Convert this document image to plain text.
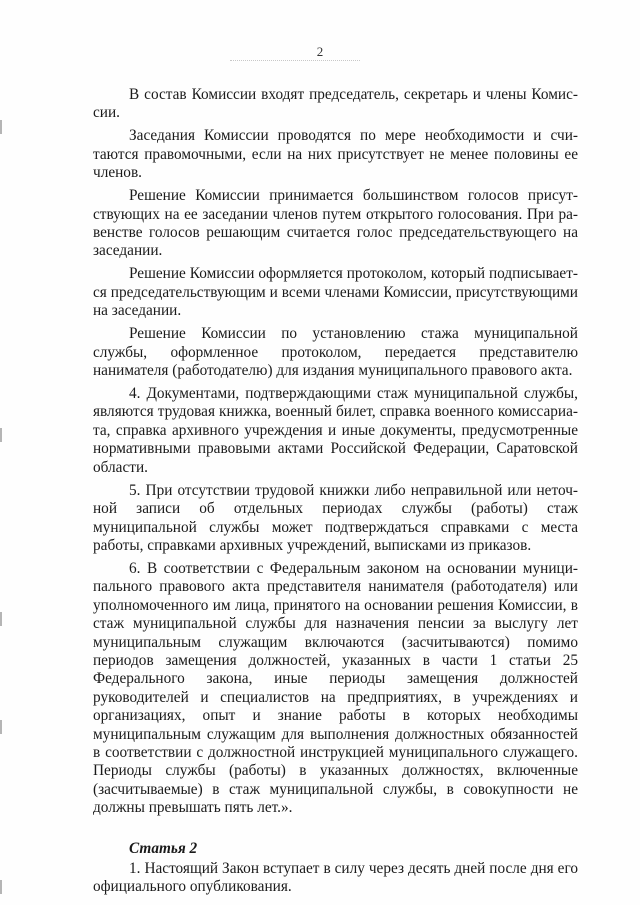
2

В состав Комиссии входят председатель, секретарь и члены Комиссии.

Заседания Комиссии проводятся по мере необходимости и считаются правомочными, если на них присутствует не менее половины ее членов.

Решение Комиссии принимается большинством голосов присутствующих на ее заседании членов путем открытого голосования. При равенстве голосов решающим считается голос председательствующего на заседании.

Решение Комиссии оформляется протоколом, который подписывается председательствующим и всеми членами Комиссии, присутствующими на заседании.

Решение Комиссии по установлению стажа муниципальной службы, оформленное протоколом, передается представителю нанимателя (работодателю) для издания муниципального правового акта.

4. Документами, подтверждающими стаж муниципальной службы, являются трудовая книжка, военный билет, справка военного комиссариата, справка архивного учреждения и иные документы, предусмотренные нормативными правовыми актами Российской Федерации, Саратовской области.

5. При отсутствии трудовой книжки либо неправильной или неточной записи об отдельных периодах службы (работы) стаж муниципальной службы может подтверждаться справками с места работы, справками архивных учреждений, выписками из приказов.

6. В соответствии с Федеральным законом на основании муниципального правового акта представителя нанимателя (работодателя) или уполномоченного им лица, принятого на основании решения Комиссии, в стаж муниципальной службы для назначения пенсии за выслугу лет муниципальным служащим включаются (засчитываются) помимо периодов замещения должностей, указанных в части 1 статьи 25 Федерального закона, иные периоды замещения должностей руководителей и специалистов на предприятиях, в учреждениях и организациях, опыт и знание работы в которых необходимы муниципальным служащим для выполнения должностных обязанностей в соответствии с должностной инструкцией муниципального служащего. Периоды службы (работы) в указанных должностях, включенные (засчитываемые) в стаж муниципальной службы, в совокупности не должны превышать пять лет.».

Статья 2

1. Настоящий Закон вступает в силу через десять дней после дня его официального опубликования.
